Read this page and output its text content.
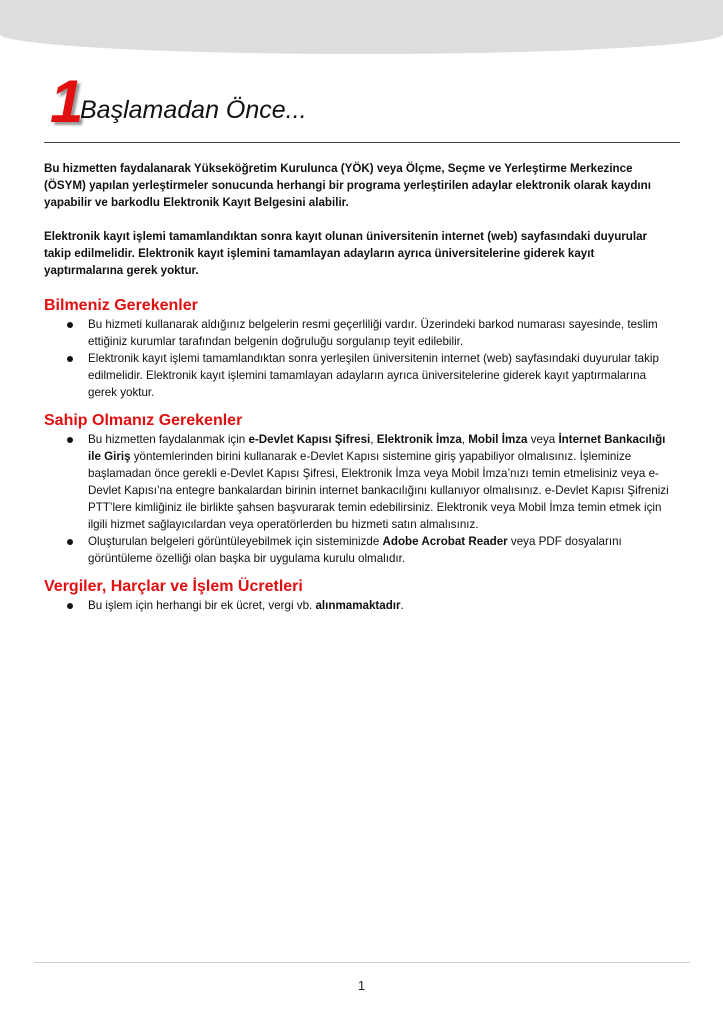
1
Başlamadan Önce...

Bu hizmetten faydalanarak Yükseköğretim Kurulunca (YÖK) veya Ölçme, Seçme ve Yerleştirme Merkezince (ÖSYM) yapılan yerleştirmeler sonucunda herhangi bir programa yerleştirilen adaylar elektronik olarak kaydını yapabilir ve barkodlu Elektronik Kayıt Belgesini alabilir.

Elektronik kayıt işlemi tamamlandıktan sonra kayıt olunan üniversitenin internet (web) sayfasındaki duyurular takip edilmelidir. Elektronik kayıt işlemini tamamlayan adayların ayrıca üniversitelerine giderek kayıt yaptırmalarına gerek yoktur.

Bilmeniz Gerekenler
Bu hizmeti kullanarak aldığınız belgelerin resmi geçerliliği vardır. Üzerindeki barkod numarası sayesinde, teslim ettiğiniz kurumlar tarafından belgenin doğruluğu sorgulanıp teyit edilebilir.
Elektronik kayıt işlemi tamamlandıktan sonra yerleşilen üniversitenin internet (web) sayfasındaki duyurular takip edilmelidir. Elektronik kayıt işlemini tamamlayan adayların ayrıca üniversitelerine giderek kayıt yaptırmalarına gerek yoktur.
Sahip Olmanız Gerekenler
Bu hizmetten faydalanmak için e-Devlet Kapısı Şifresi, Elektronik İmza, Mobil İmza veya İnternet Bankacılığı ile Giriş yöntemlerinden birini kullanarak e-Devlet Kapısı sistemine giriş yapabiliyor olmalısınız. İşleminize başlamadan önce gerekli e-Devlet Kapısı Şifresi, Elektronik İmza veya Mobil İmza’nızı temin etmelisiniz veya e-Devlet Kapısı’na entegre bankalardan birinin internet bankacılığını kullanıyor olmalısınız. e-Devlet Kapısı Şifrenizi PTT’lere kimliğiniz ile birlikte şahsen başvurarak temin edebilirsiniz. Elektronik veya Mobil İmza temin etmek için ilgili hizmet sağlayıcılardan veya operatörlerden bu hizmeti satın almalısınız.
Oluşturulan belgeleri görüntüleyebilmek için sisteminizde Adobe Acrobat Reader veya PDF dosyalarını görüntüleme özelliği olan başka bir uygulama kurulu olmalıdır.
Vergiler, Harçlar ve İşlem Ücretleri
Bu işlem için herhangi bir ek ücret, vergi vb. alınmamaktadır.
1
